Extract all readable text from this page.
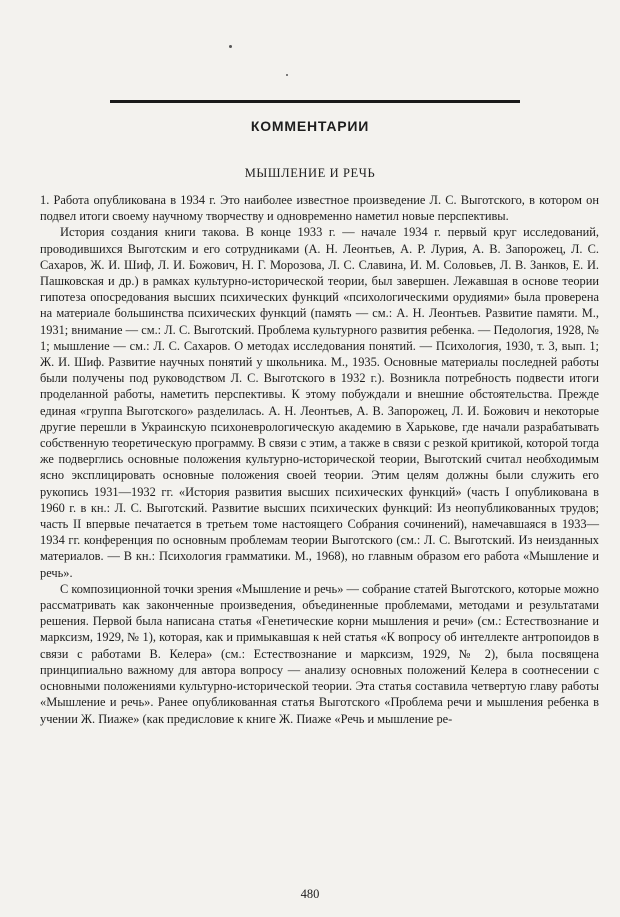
КОММЕНТАРИИ
МЫШЛЕНИЕ И РЕЧЬ

1. Работа опубликована в 1934 г. Это наиболее известное произведение Л. С. Выготского, в котором он подвел итоги своему научному творчеству и одновременно наметил новые перспективы.

История создания книги такова. В конце 1933 г. — начале 1934 г. первый круг исследований, проводившихся Выготским и его сотрудниками (А. Н. Леонтьев, А. Р. Лурия, А. В. Запорожец, Л. С. Сахаров, Ж. И. Шиф, Л. И. Божович, Н. Г. Морозова, Л. С. Славина, И. М. Соловьев, Л. В. Занков, Е. И. Пашковская и др.) в рамках культурно-исторической теории, был завершен. Лежавшая в основе теории гипотеза опосредования высших психических функций «психологическими орудиями» была проверена на материале большинства психических функций (память — см.: А. Н. Леонтьев. Развитие памяти. М., 1931; внимание — см.: Л. С. Выготский. Проблема культурного развития ребенка. — Педология, 1928, № 1; мышление — см.: Л. С. Сахаров. О методах исследования понятий. — Психология, 1930, т. 3, вып. 1; Ж. И. Шиф. Развитие научных понятий у школьника. М., 1935. Основные материалы последней работы были получены под руководством Л. С. Выготского в 1932 г.). Возникла потребность подвести итоги проделанной работы, наметить перспективы. К этому побуждали и внешние обстоятельства. Прежде единая «группа Выготского» разделилась. А. Н. Леонтьев, А. В. Запорожец, Л. И. Божович и некоторые другие перешли в Украинскую психоневрологическую академию в Харькове, где начали разрабатывать собственную теоретическую программу. В связи с этим, а также в связи с резкой критикой, которой тогда же подверглись основные положения культурно-исторической теории, Выготский считал необходимым ясно эксплицировать основные положения своей теории. Этим целям должны были служить его рукопись 1931—1932 гг. «История развития высших психических функций» (часть I опубликована в 1960 г. в кн.: Л. С. Выготский. Развитие высших психических функций: Из неопубликованных трудов; часть II впервые печатается в третьем томе настоящего Собрания сочинений), намечавшаяся в 1933—1934 гг. конференция по основным проблемам теории Выготского (см.: Л. С. Выготский. Из неизданных материалов. — В кн.: Психология грамматики. М., 1968), но главным образом его работа «Мышление и речь».

С композиционной точки зрения «Мышление и речь» — собрание статей Выготского, которые можно рассматривать как законченные произведения, объединенные проблемами, методами и результатами решения. Первой была написана статья «Генетические корни мышления и речи» (см.: Естествознание и марксизм, 1929, № 1), которая, как и примыкавшая к ней статья «К вопросу об интеллекте антропоидов в связи с работами В. Келера» (см.: Естествознание и марксизм, 1929, № 2), была посвящена принципиально важному для автора вопросу — анализу основных положений Келера в соотнесении с основными положениями культурно-исторической теории. Эта статья составила четвертую главу работы «Мышление и речь». Ранее опубликованная статья Выготского «Проблема речи и мышления ребенка в учении Ж. Пиаже» (как предисловие к книге Ж. Пиаже «Речь и мышление ре-

480
